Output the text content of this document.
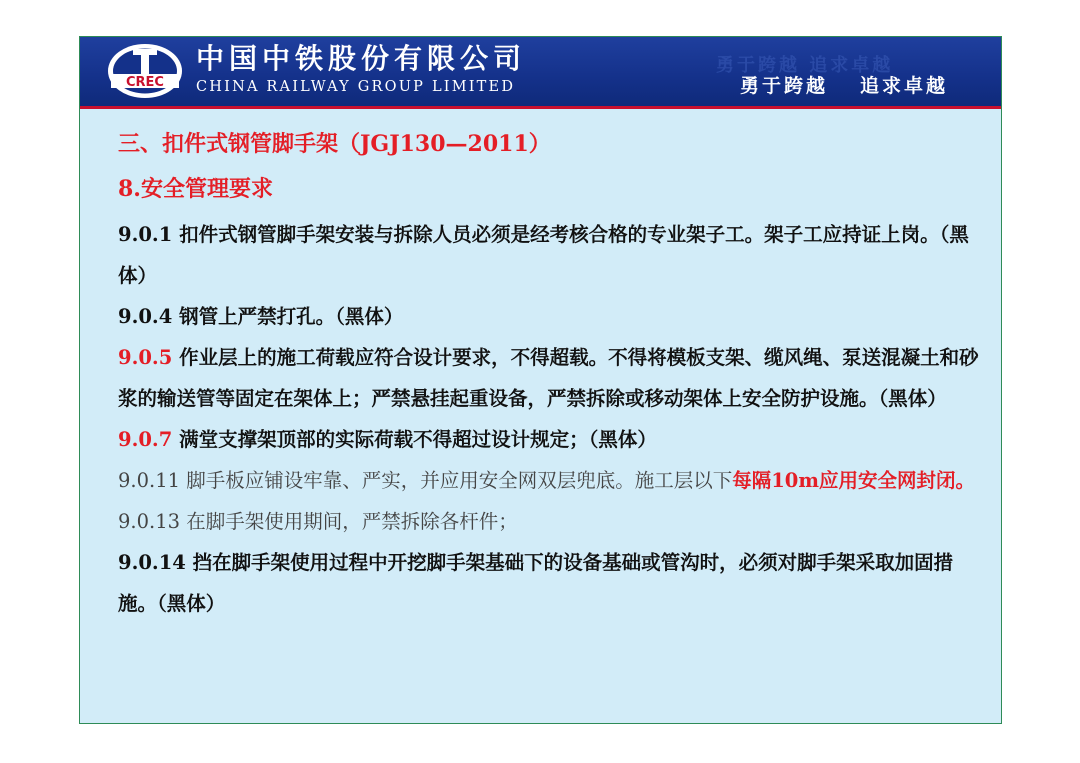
CREC
中国中铁股份有限公司
CHINA RAILWAY GROUP LIMITED
勇于跨越 追求卓越
勇于跨越 追求卓越
三、扣件式钢管脚手架（JGJ130—2011）
8.安全管理要求

9.0.1 扣件式钢管脚手架安装与拆除人员必须是经考核合格的专业架子工。架子工应持证上岗。（黑体）

9.0.4 钢管上严禁打孔。（黑体）

9.0.5 作业层上的施工荷载应符合设计要求，不得超载。不得将模板支架、缆风绳、泵送混凝土和砂浆的输送管等固定在架体上；严禁悬挂起重设备，严禁拆除或移动架体上安全防护设施。（黑体）

9.0.7 满堂支撑架顶部的实际荷载不得超过设计规定；（黑体）

9.0.11 脚手板应铺设牢靠、严实，并应用安全网双层兜底。施工层以下每隔10m应用安全网封闭。

9.0.13 在脚手架使用期间，严禁拆除各杆件；

9.0.14 挡在脚手架使用过程中开挖脚手架基础下的设备基础或管沟时，必须对脚手架采取加固措施。（黑体）
